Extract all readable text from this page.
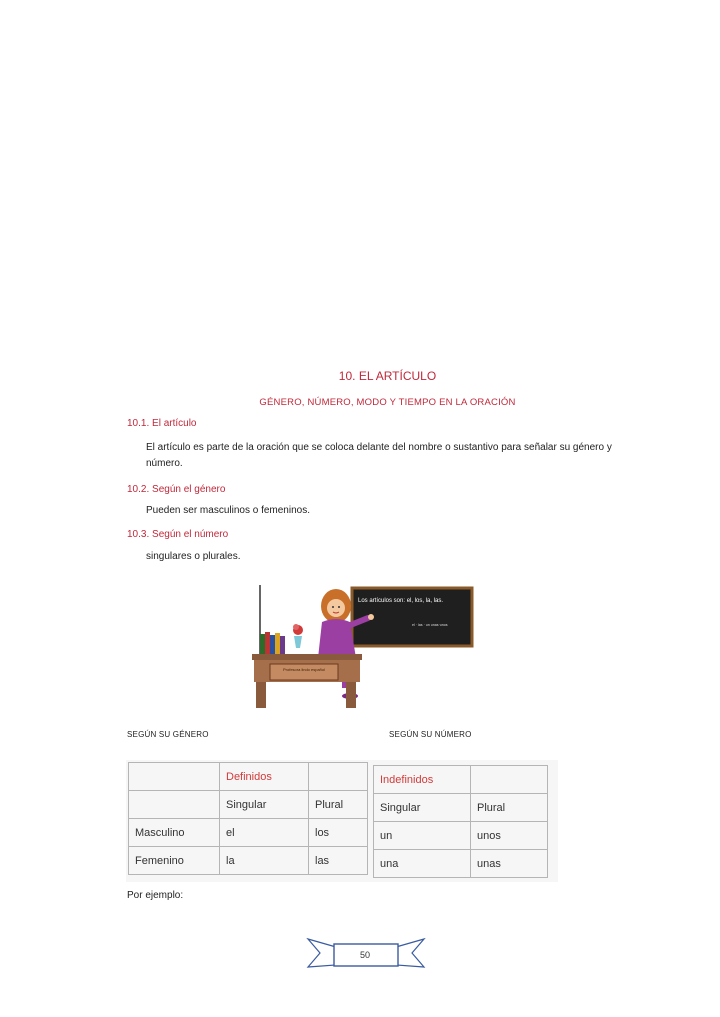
10. EL ARTÍCULO
GÉNERO, NÚMERO, MODO Y TIEMPO EN LA ORACIÓN
10.1. El artículo
El artículo es parte de la oración que se coloca delante del nombre o sustantivo para señalar su género y número.
10.2. Según el género
Pueden ser masculinos o femeninos.
10.3. Según el número
singulares o plurales.
Los artículos son: el, los, la, las.
el · las · un unas·unos
Profesora lindo español
SEGÚN SU GÉNERO	SEGÚN SU NÚMERO
	Definidos	
	Singular	Plural
Masculino	el	los
Femenino	la	las
Indefinidos	
Singular	Plural
un	unos
una	unas
Por ejemplo:
50
